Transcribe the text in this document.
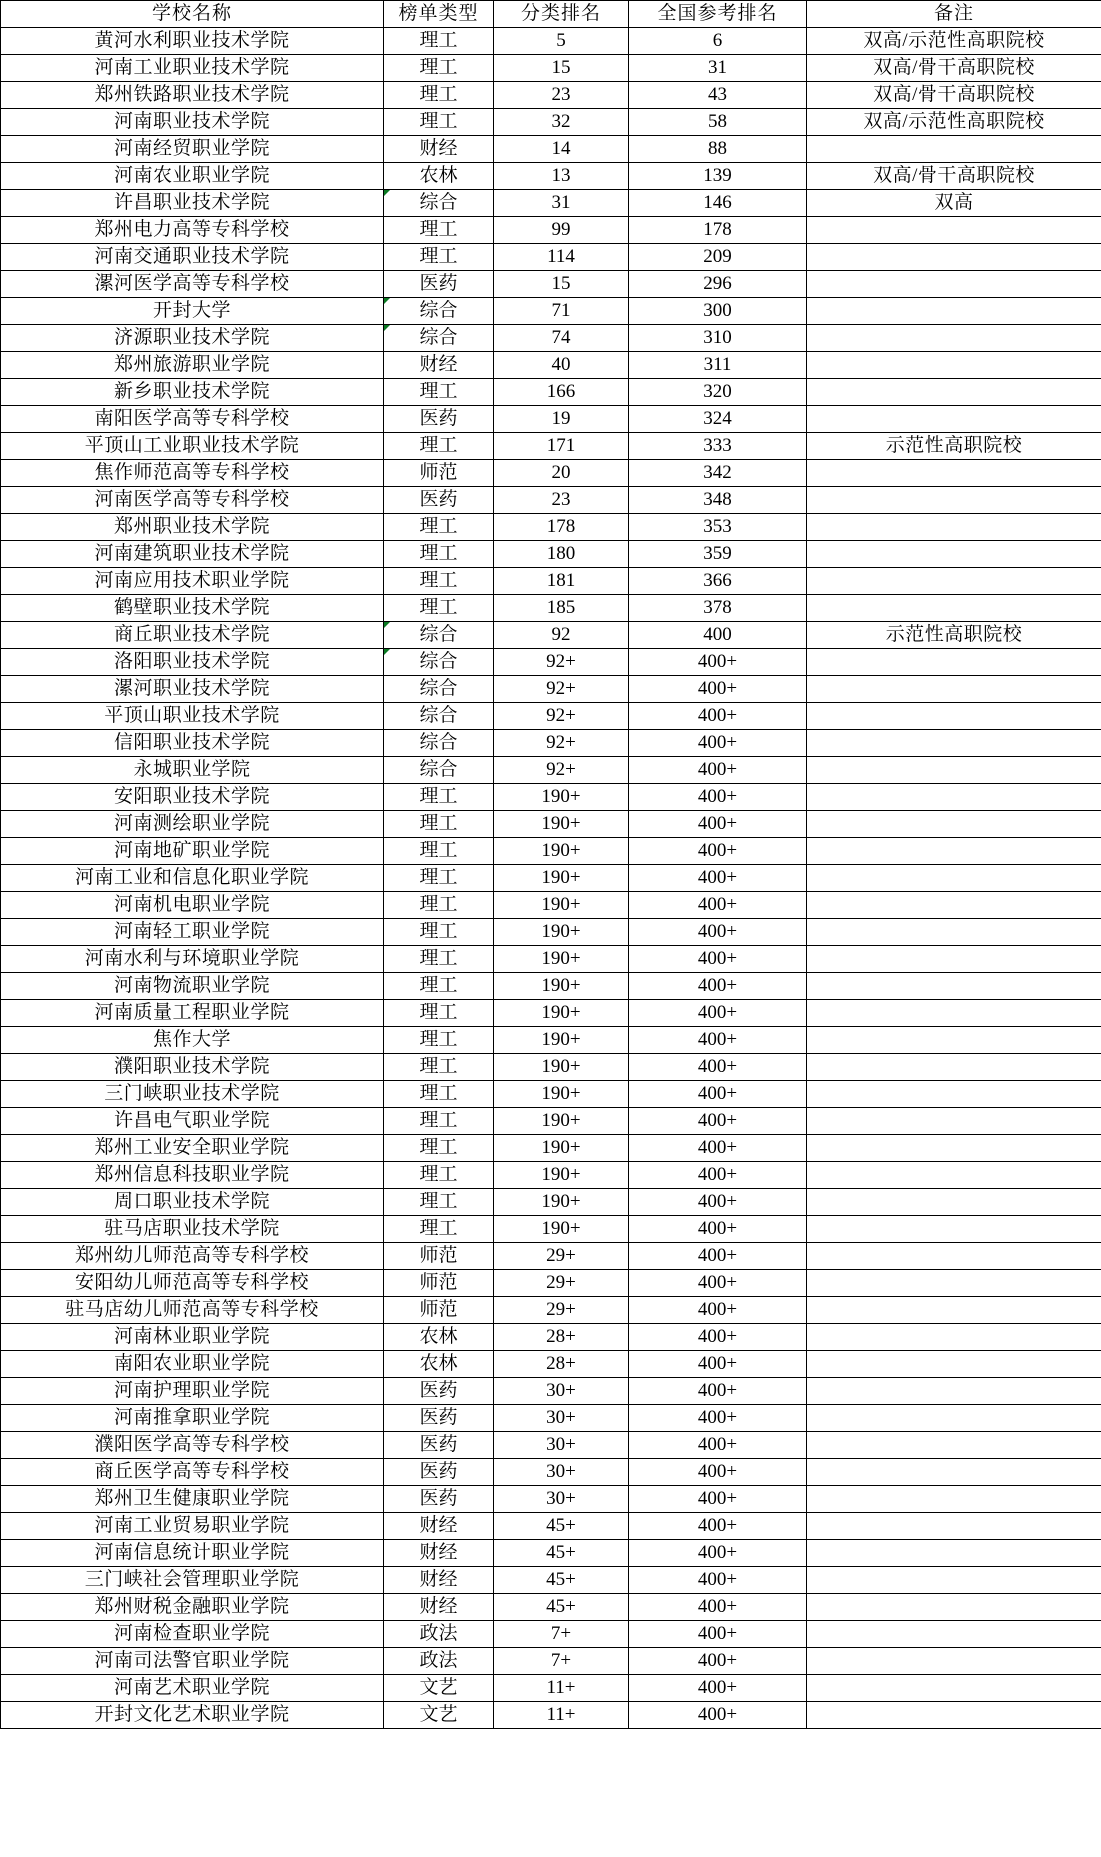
学校名称	榜单类型	分类排名	全国参考排名	备注
黄河水利职业技术学院	理工	5	6	双高/示范性高职院校
河南工业职业技术学院	理工	15	31	双高/骨干高职院校
郑州铁路职业技术学院	理工	23	43	双高/骨干高职院校
河南职业技术学院	理工	32	58	双高/示范性高职院校
河南经贸职业学院	财经	14	88	
河南农业职业学院	农林	13	139	双高/骨干高职院校
许昌职业技术学院	综合	31	146	双高
郑州电力高等专科学校	理工	99	178	
河南交通职业技术学院	理工	114	209	
漯河医学高等专科学校	医药	15	296	
开封大学	综合	71	300	
济源职业技术学院	综合	74	310	
郑州旅游职业学院	财经	40	311	
新乡职业技术学院	理工	166	320	
南阳医学高等专科学校	医药	19	324	
平顶山工业职业技术学院	理工	171	333	示范性高职院校
焦作师范高等专科学校	师范	20	342	
河南医学高等专科学校	医药	23	348	
郑州职业技术学院	理工	178	353	
河南建筑职业技术学院	理工	180	359	
河南应用技术职业学院	理工	181	366	
鹤壁职业技术学院	理工	185	378	
商丘职业技术学院	综合	92	400	示范性高职院校
洛阳职业技术学院	综合	92+	400+	
漯河职业技术学院	综合	92+	400+	
平顶山职业技术学院	综合	92+	400+	
信阳职业技术学院	综合	92+	400+	
永城职业学院	综合	92+	400+	
安阳职业技术学院	理工	190+	400+	
河南测绘职业学院	理工	190+	400+	
河南地矿职业学院	理工	190+	400+	
河南工业和信息化职业学院	理工	190+	400+	
河南机电职业学院	理工	190+	400+	
河南轻工职业学院	理工	190+	400+	
河南水利与环境职业学院	理工	190+	400+	
河南物流职业学院	理工	190+	400+	
河南质量工程职业学院	理工	190+	400+	
焦作大学	理工	190+	400+	
濮阳职业技术学院	理工	190+	400+	
三门峡职业技术学院	理工	190+	400+	
许昌电气职业学院	理工	190+	400+	
郑州工业安全职业学院	理工	190+	400+	
郑州信息科技职业学院	理工	190+	400+	
周口职业技术学院	理工	190+	400+	
驻马店职业技术学院	理工	190+	400+	
郑州幼儿师范高等专科学校	师范	29+	400+	
安阳幼儿师范高等专科学校	师范	29+	400+	
驻马店幼儿师范高等专科学校	师范	29+	400+	
河南林业职业学院	农林	28+	400+	
南阳农业职业学院	农林	28+	400+	
河南护理职业学院	医药	30+	400+	
河南推拿职业学院	医药	30+	400+	
濮阳医学高等专科学校	医药	30+	400+	
商丘医学高等专科学校	医药	30+	400+	
郑州卫生健康职业学院	医药	30+	400+	
河南工业贸易职业学院	财经	45+	400+	
河南信息统计职业学院	财经	45+	400+	
三门峡社会管理职业学院	财经	45+	400+	
郑州财税金融职业学院	财经	45+	400+	
河南检查职业学院	政法	7+	400+	
河南司法警官职业学院	政法	7+	400+	
河南艺术职业学院	文艺	11+	400+	
开封文化艺术职业学院	文艺	11+	400+	
